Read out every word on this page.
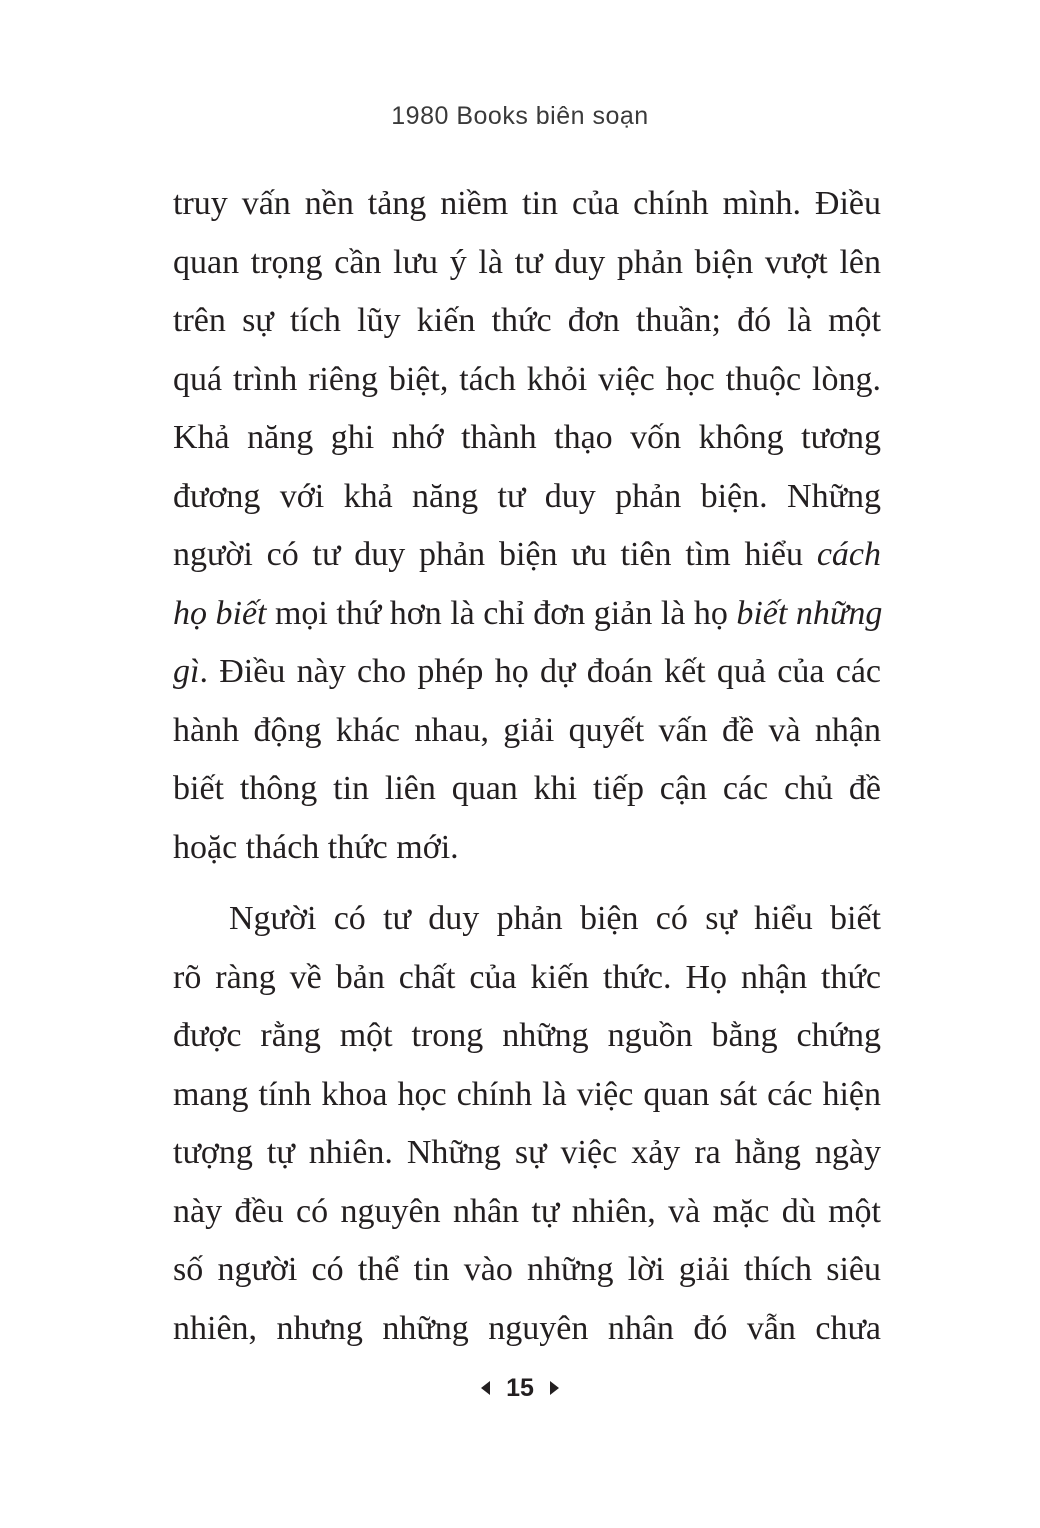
1980 Books biên soạn
truy vấn nền tảng niềm tin của chính mình. Điều
quan trọng cần lưu ý là tư duy phản biện vượt lên
trên sự tích lũy kiến thức đơn thuần; đó là một
quá trình riêng biệt, tách khỏi việc học thuộc lòng.
Khả năng ghi nhớ thành thạo vốn không tương
đương với khả năng tư duy phản biện. Những
người có tư duy phản biện ưu tiên tìm hiểu cách
họ biết mọi thứ hơn là chỉ đơn giản là họ biết những
gì. Điều này cho phép họ dự đoán kết quả của các
hành động khác nhau, giải quyết vấn đề và nhận
biết thông tin liên quan khi tiếp cận các chủ đề
hoặc thách thức mới.
Người có tư duy phản biện có sự hiểu biết
rõ ràng về bản chất của kiến thức. Họ nhận thức
được rằng một trong những nguồn bằng chứng
mang tính khoa học chính là việc quan sát các hiện
tượng tự nhiên. Những sự việc xảy ra hằng ngày
này đều có nguyên nhân tự nhiên, và mặc dù một
số người có thể tin vào những lời giải thích siêu
nhiên, nhưng những nguyên nhân đó vẫn chưa
15
